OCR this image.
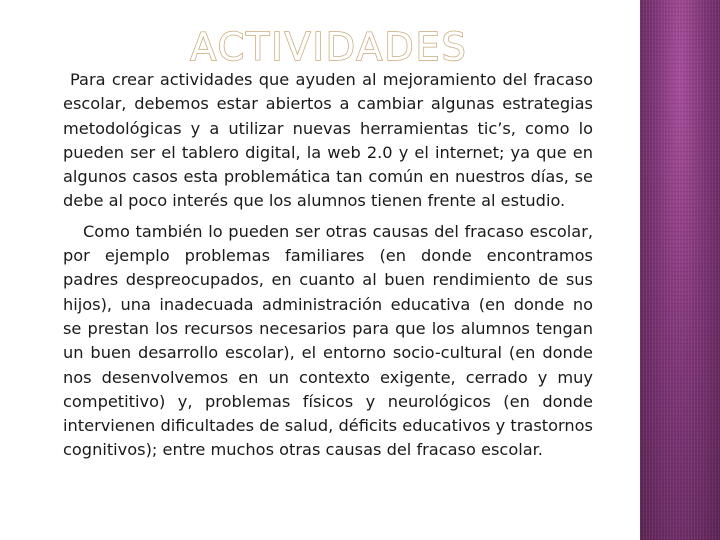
ACTIVIDADES

Para crear actividades que ayuden al mejoramiento del fracaso escolar, debemos estar abiertos a cambiar algunas estrategias metodológicas y a utilizar nuevas herramientas tic’s, como lo pueden ser el tablero digital, la web 2.0 y el internet; ya que en algunos casos esta problemática tan común en nuestros días, se debe al poco interés que los alumnos tienen frente al estudio.

Como también lo pueden ser otras causas del fracaso escolar, por ejemplo problemas familiares (en donde encontramos padres despreocupados, en cuanto al buen rendimiento de sus hijos), una inadecuada administración educativa (en donde no se prestan los recursos necesarios para que los alumnos tengan un buen desarrollo escolar), el entorno socio-cultural (en donde nos desenvolvemos en un contexto exigente, cerrado y muy competitivo) y, problemas físicos y neurológicos (en donde intervienen dificultades de salud, déficits educativos y trastornos cognitivos); entre muchos otras causas del fracaso escolar.
